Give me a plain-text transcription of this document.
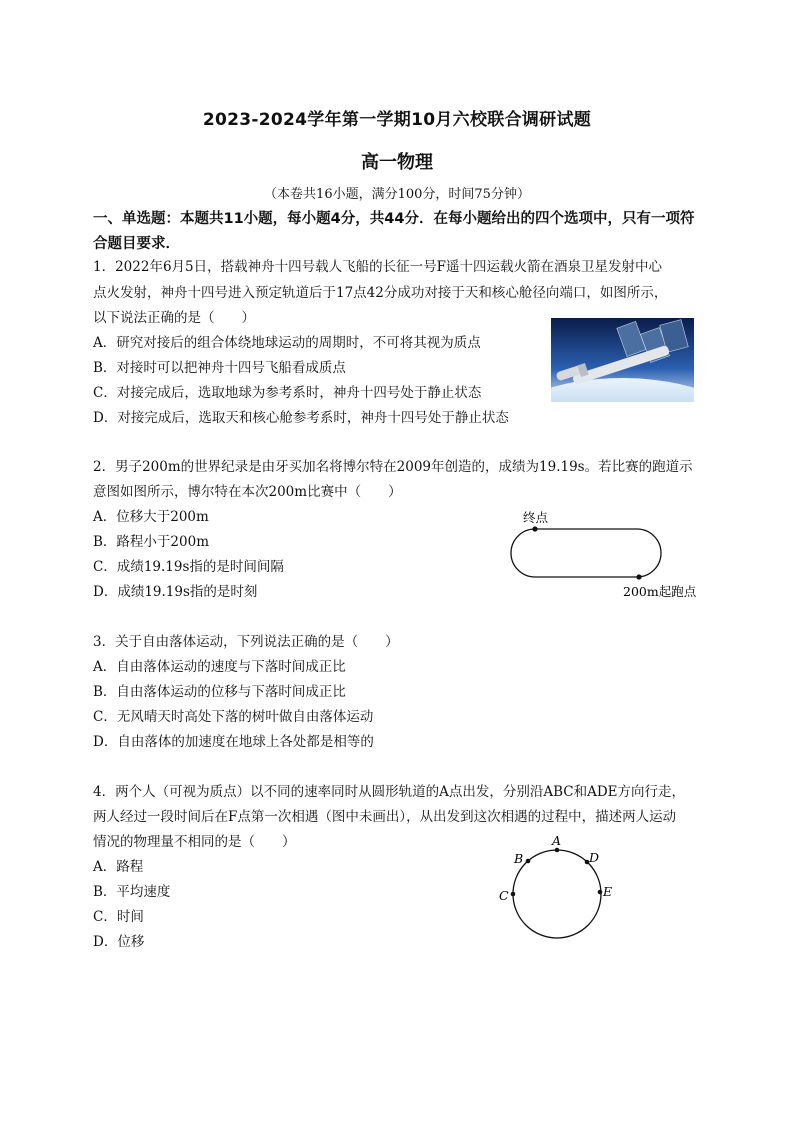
2023-2024学年第一学期10月六校联合调研试题
高一物理
（本卷共16小题，满分100分，时间75分钟）
一、单选题：本题共11小题，每小题4分，共44分．在每小题给出的四个选项中，只有一项符合题目要求．
1．2022年6月5日，搭载神舟十四号载人飞船的长征一号F遥十四运载火箭在酒泉卫星发射中心
点火发射，神舟十四号进入预定轨道后于17点42分成功对接于天和核心舱径向端口，如图所示，
以下说法正确的是（　　）
A．研究对接后的组合体绕地球运动的周期时，不可将其视为质点
B．对接时可以把神舟十四号飞船看成质点
C．对接完成后，选取地球为参考系时，神舟十四号处于静止状态
D．对接完成后，选取天和核心舱参考系时，神舟十四号处于静止状态
2．男子200m的世界纪录是由牙买加名将博尔特在2009年创造的，成绩为19.19s。若比赛的跑道示
意图如图所示，博尔特在本次200m比赛中（　　）
A．位移大于200m
B．路程小于200m
C．成绩19.19s指的是时间间隔
D．成绩19.19s指的是时刻
终点
200m起跑点
3．关于自由落体运动，下列说法正确的是（　　）
A．自由落体运动的速度与下落时间成正比
B．自由落体运动的位移与下落时间成正比
C．无风晴天时高处下落的树叶做自由落体运动
D．自由落体的加速度在地球上各处都是相等的
4．两个人（可视为质点）以不同的速率同时从圆形轨道的A点出发，分别沿ABC和ADE方向行走，
两人经过一段时间后在F点第一次相遇（图中未画出），从出发到这次相遇的过程中，描述两人运动
情况的物理量不相同的是（　　）
A．路程
B．平均速度
C．时间
D．位移
A
B
C
D
E
